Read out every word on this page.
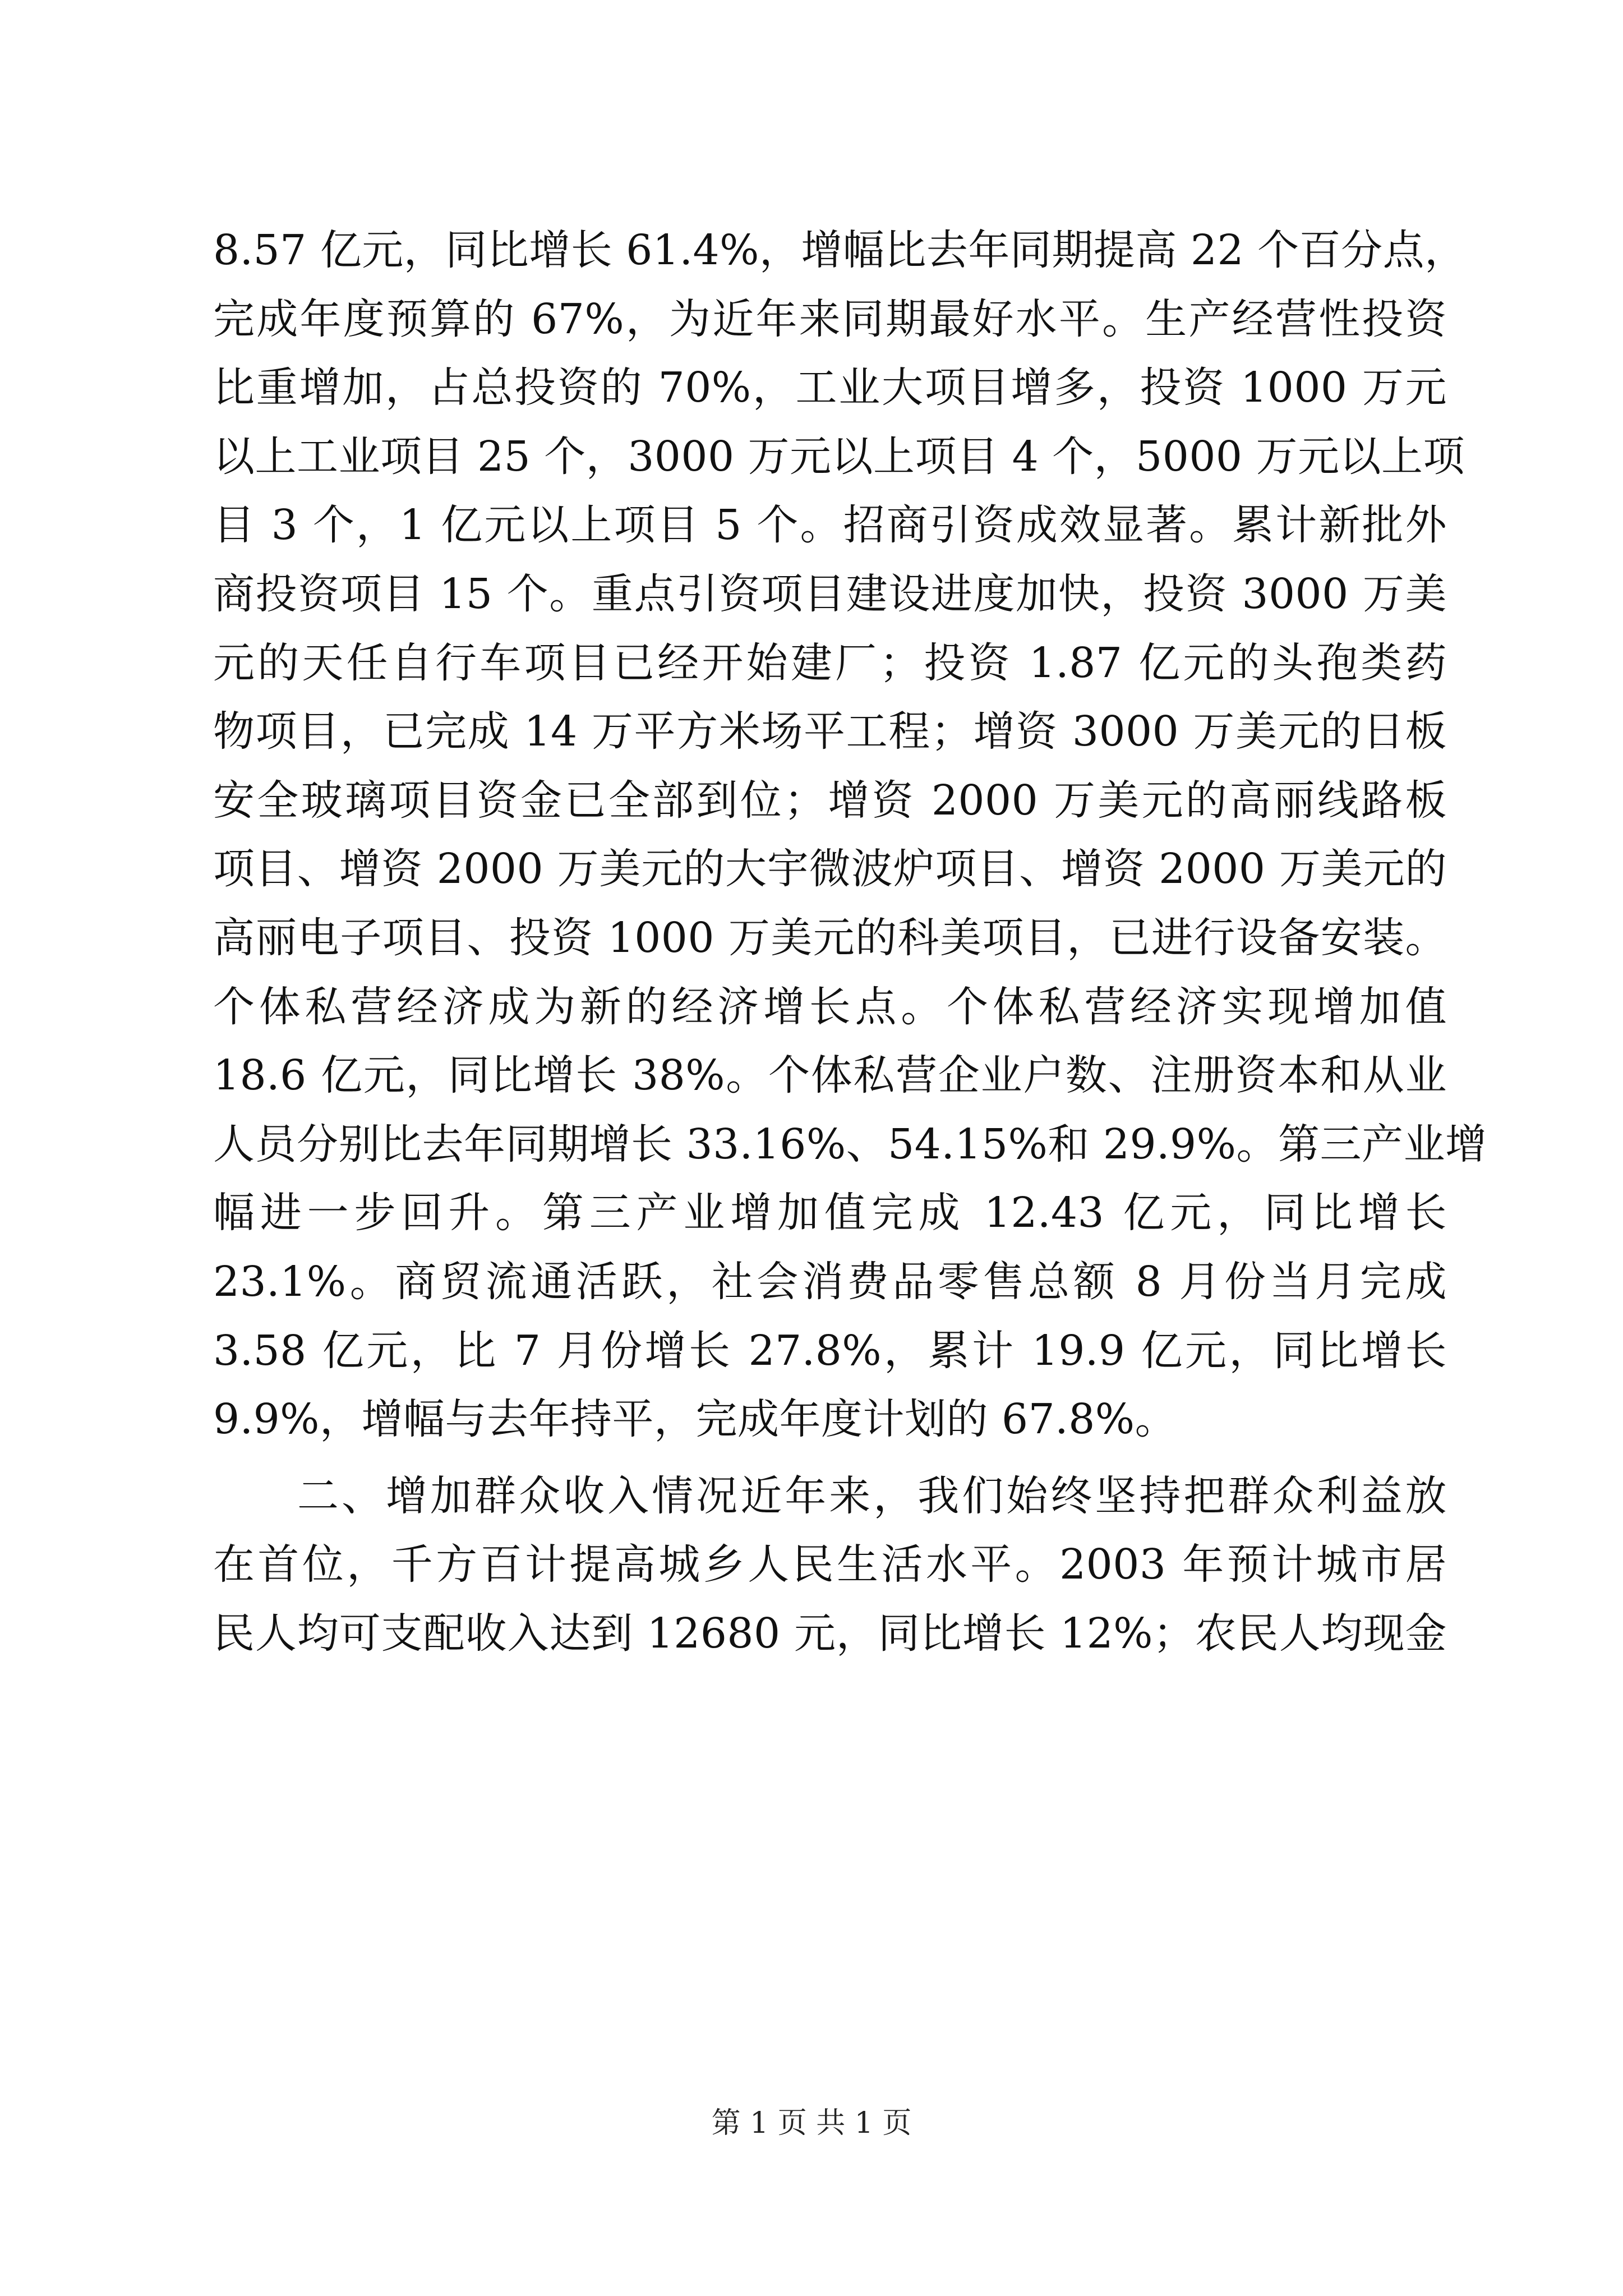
8.57 亿元，同比增长 61.4%，增幅比去年同期提高 22 个百分点，
完成年度预算的 67%，为近年来同期最好水平。生产经营性投资
比重增加，占总投资的 70%，工业大项目增多，投资 1000 万元
以上工业项目 25 个，3000 万元以上项目 4 个，5000 万元以上项
目 3 个，1 亿元以上项目 5 个。招商引资成效显著。累计新批外
商投资项目 15 个。重点引资项目建设进度加快，投资 3000 万美
元的天任自行车项目已经开始建厂；投资 1.87 亿元的头孢类药
物项目，已完成 14 万平方米场平工程；增资 3000 万美元的日板
安全玻璃项目资金已全部到位；增资 2000 万美元的高丽线路板
项目、增资 2000 万美元的大宇微波炉项目、增资 2000 万美元的
高丽电子项目、投资 1000 万美元的科美项目，已进行设备安装。
个体私营经济成为新的经济增长点。个体私营经济实现增加值
18.6 亿元，同比增长 38%。个体私营企业户数、注册资本和从业
人员分别比去年同期增长 33.16%、54.15%和 29.9%。第三产业增
幅进一步回升。第三产业增加值完成 12.43 亿元，同比增长
23.1%。商贸流通活跃，社会消费品零售总额 8 月份当月完成
3.58 亿元，比 7 月份增长 27.8%，累计 19.9 亿元，同比增长
9.9%，增幅与去年持平，完成年度计划的 67.8%。
二、增加群众收入情况近年来，我们始终坚持把群众利益放
在首位，千方百计提高城乡人民生活水平。2003 年预计城市居
民人均可支配收入达到 12680 元，同比增长 12%；农民人均现金
第 1 页 共 1 页
